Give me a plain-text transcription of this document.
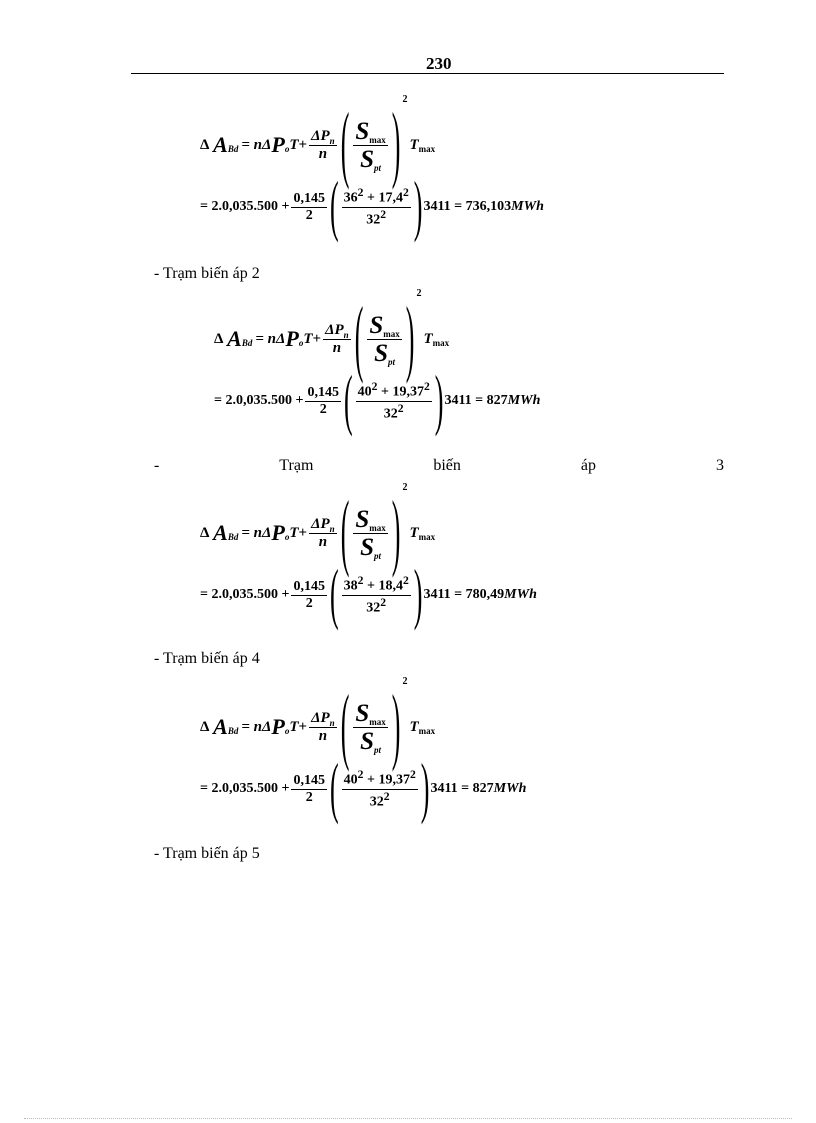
230
Δ
A Bd = nΔ P o $T + \frac{\Delta P_n}{n}$ ( $\frac{S_{max}}{S_{pt}}$ ) 2
T max
= $2.0,035.500 + \frac{0,145}{2}$ ( $\frac{36^2 + 17,4^2}{32^2}$ ) 3411 =
736,103 MWh
- Trạm biến áp 2
Δ
A Bd = nΔ P o $T + \frac{\Delta P_n}{n}$ ( $\frac{S_{max}}{S_{pt}}$ ) 2
T max
= $2.0,035.500 + \frac{0,145}{2}$ ( $\frac{40^2 + 19,37^2}{32^2}$ ) 3411 =
827 MWh
-	Trạm	biến	áp	3
Δ
A Bd = nΔ P o $T + \frac{\Delta P_n}{n}$ ( $\frac{S_{max}}{S_{pt}}$ ) 2
T max
= $2.0,035.500 + \frac{0,145}{2}$ ( $\frac{38^2 + 18,4^2}{32^2}$ ) 3411 =
780,49 MWh
- Trạm biến áp 4
Δ
A Bd = nΔ P o $T + \frac{\Delta P_n}{n}$ ( $\frac{S_{max}}{S_{pt}}$ ) 2
T max
= $2.0,035.500 + \frac{0,145}{2}$ ( $\frac{40^2 + 19,37^2}{32^2}$ ) 3411 =
827 MWh
- Trạm biến áp 5
